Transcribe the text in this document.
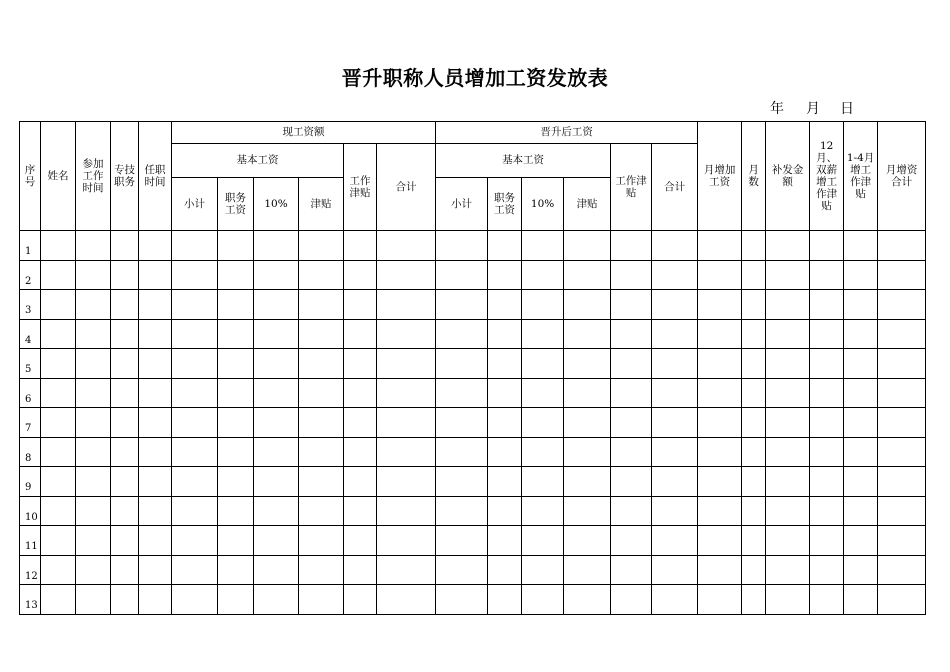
晋升职称人员增加工资发放表
年 月 日
序号	姓名	参加工作时间	专技职务	任职时间	现工资额						晋升后工资						月增加工资	月数	补发金额	12月、双薪增工作津贴	1-4月增工作津贴	月增资合计
					基本工资				工作津贴	合计	基本工资				工作津贴	合计						
					小计	职务工资	10%	津贴			小计	职务工资	10%	津贴								
1																						
2																						
3																						
4																						
5																						
6																						
7																						
8																						
9																						
10																						
11																						
12																						
13																						
